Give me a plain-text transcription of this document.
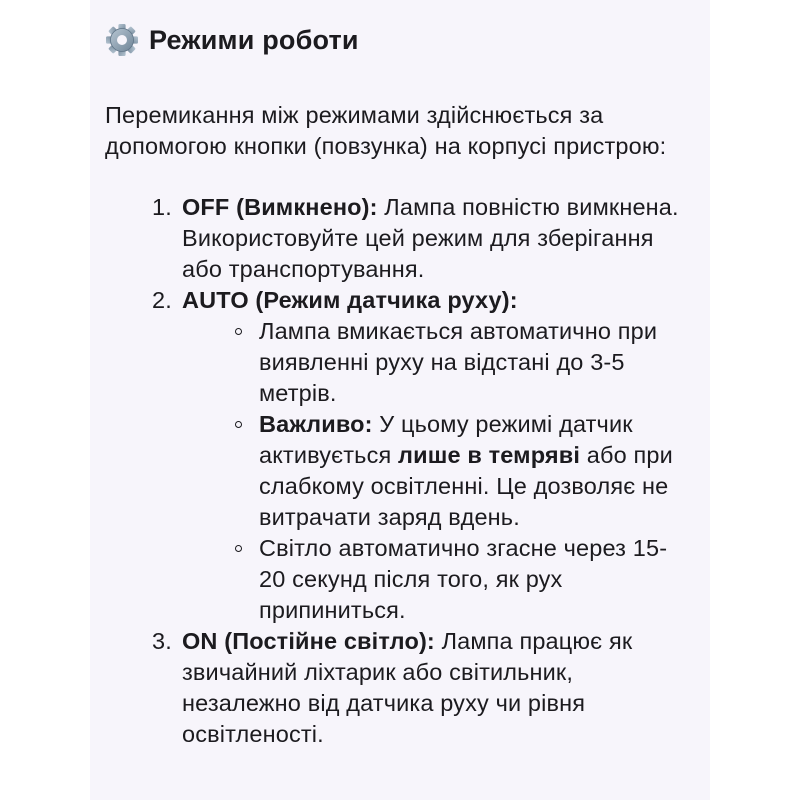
Режими роботи

Перемикання між режимами здійснюється за допомогою кнопки (повзунка) на корпусі пристрою:

1. OFF (Вимкнено): Лампа повністю вимкнена. Використовуйте цей режим для зберігання або транспортування.
2. AUTO (Режим датчика руху):
Лампа вмикається автоматично при виявленні руху на відстані до 3-5 метрів.
Важливо: У цьому режимі датчик активується лише в темряві або при слабкому освітленні. Це дозволяє не витрачати заряд вдень.
Світло автоматично згасне через 15-20 секунд після того, як рух припиниться.
3. ON (Постійне світло): Лампа працює як звичайний ліхтарик або світильник, незалежно від датчика руху чи рівня освітленості.
